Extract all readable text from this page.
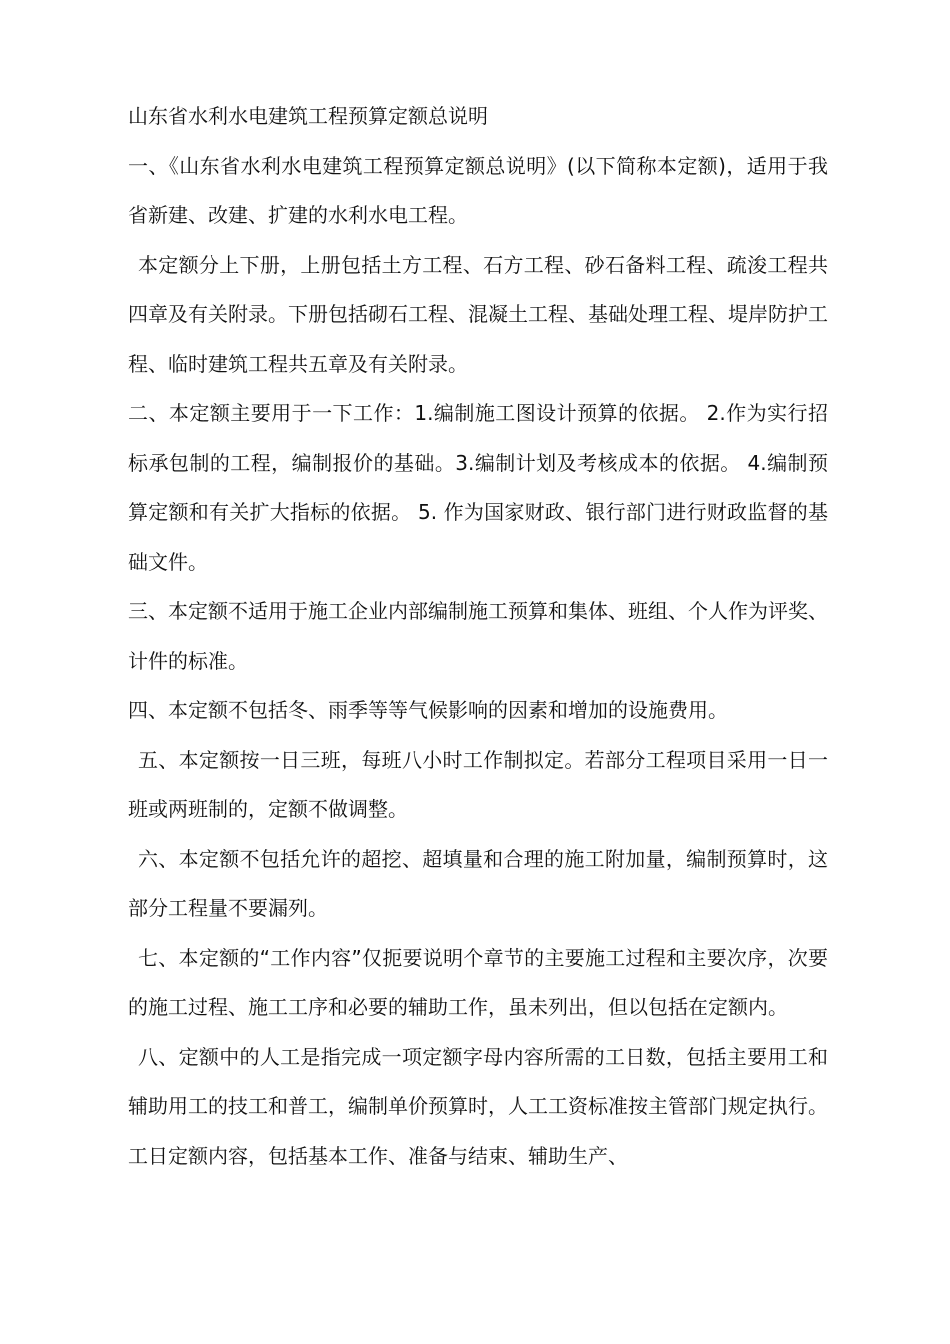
山东省水利水电建筑工程预算定额总说明

一、《山东省水利水电建筑工程预算定额总说明》(以下简称本定额)，适用于我省新建、改建、扩建的水利水电工程。

本定额分上下册，上册包括土方工程、石方工程、砂石备料工程、疏浚工程共四章及有关附录。下册包括砌石工程、混凝土工程、基础处理工程、堤岸防护工程、临时建筑工程共五章及有关附录。

二、本定额主要用于一下工作：1.编制施工图设计预算的依据。 2.作为实行招标承包制的工程，编制报价的基础。3.编制计划及考核成本的依据。 4.编制预算定额和有关扩大指标的依据。 5. 作为国家财政、银行部门进行财政监督的基础文件。

三、本定额不适用于施工企业内部编制施工预算和集体、班组、个人作为评奖、计件的标准。

四、本定额不包括冬、雨季等等气候影响的因素和增加的设施费用。

五、本定额按一日三班，每班八小时工作制拟定。若部分工程项目采用一日一班或两班制的，定额不做调整。

六、本定额不包括允许的超挖、超填量和合理的施工附加量，编制预算时，这部分工程量不要漏列。

七、本定额的“工作内容”仅扼要说明个章节的主要施工过程和主要次序，次要的施工过程、施工工序和必要的辅助工作，虽未列出，但以包括在定额内。

八、定额中的人工是指完成一项定额字母内容所需的工日数，包括主要用工和辅助用工的技工和普工，编制单价预算时，人工工资标准按主管部门规定执行。工日定额内容，包括基本工作、准备与结束、辅助生产、
